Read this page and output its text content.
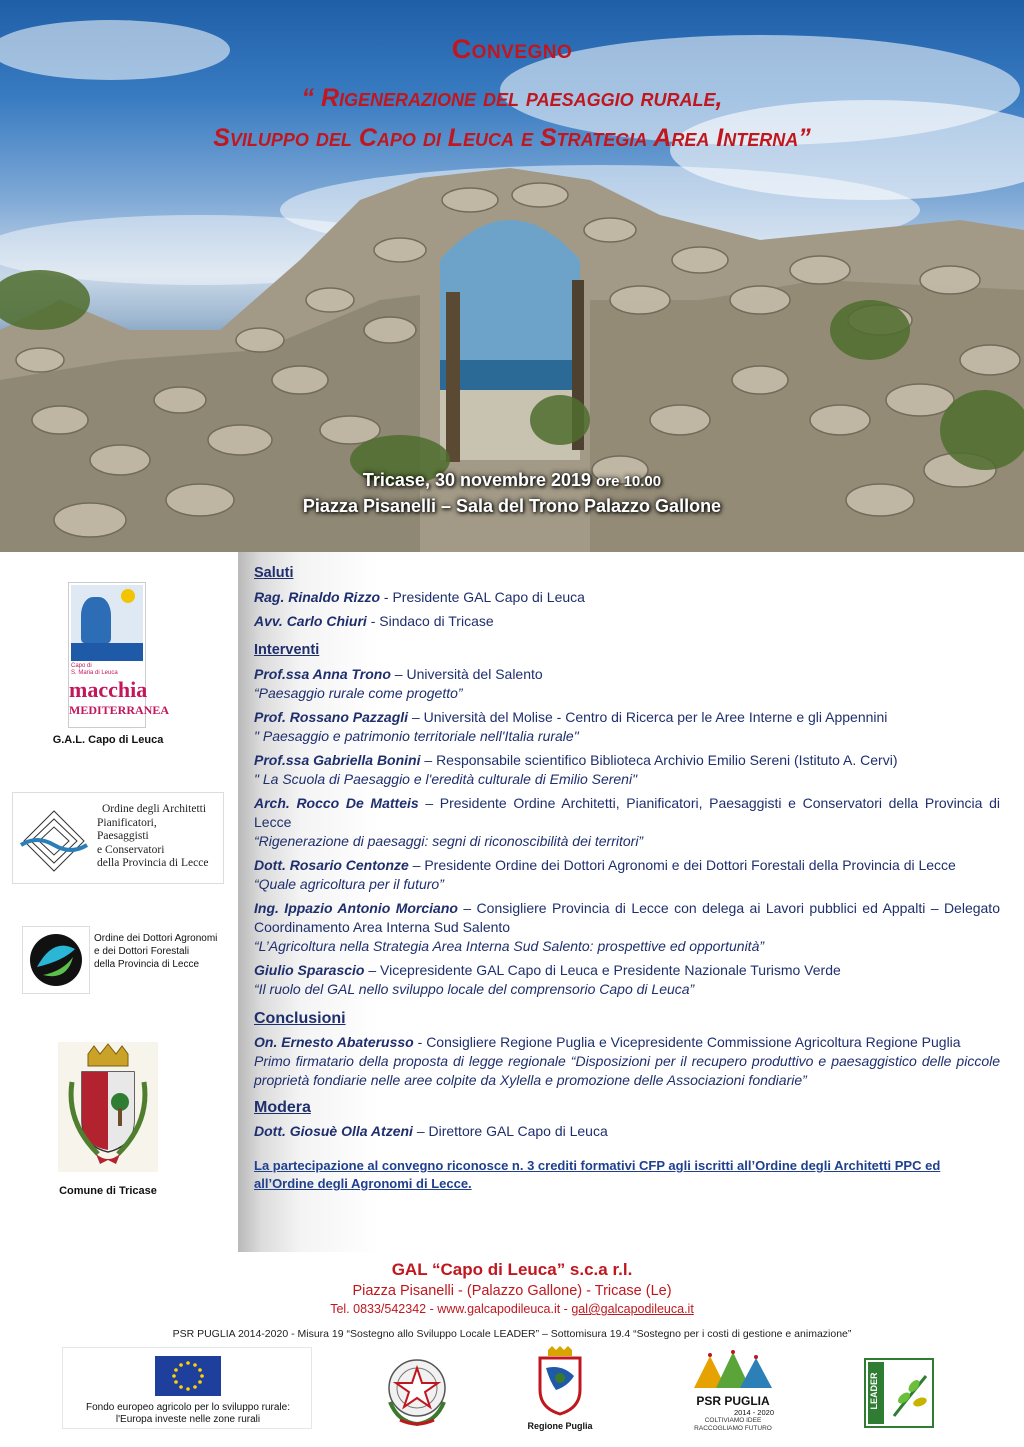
Convegno
“ Rigenerazione del paesaggio rurale,
Sviluppo del Capo di Leuca e Strategia Area Interna”
Tricase, 30 novembre 2019 ore 10.00
Piazza Pisanelli – Sala del Trono Palazzo Gallone
Capo di
S. Maria di Leuca
macchia
MEDITERRANEA
G.A.L. Capo di Leuca
Ordine degli Architetti
Pianificatori,
Paesaggisti
e Conservatori
della Provincia di Lecce
Ordine dei Dottori Agronomi
e dei Dottori Forestali
della Provincia di Lecce
Comune di Tricase
Saluti
Rag. Rinaldo Rizzo - Presidente GAL Capo di Leuca
Avv. Carlo Chiuri - Sindaco di Tricase
Interventi
Prof.ssa Anna Trono – Università del Salento
“Paesaggio rurale come progetto”
Prof. Rossano Pazzagli – Università del Molise - Centro di Ricerca per le Aree Interne e gli Appennini
" Paesaggio e patrimonio territoriale nell'Italia rurale"
Prof.ssa Gabriella Bonini – Responsabile scientifico Biblioteca Archivio Emilio Sereni (Istituto A. Cervi)
" La Scuola di Paesaggio e l'eredità culturale di Emilio Sereni"
Arch. Rocco De Matteis – Presidente Ordine Architetti, Pianificatori, Paesaggisti e Conservatori della Provincia di Lecce
“Rigenerazione di paesaggi: segni di riconoscibilità dei territori”
Dott. Rosario Centonze – Presidente Ordine dei Dottori Agronomi e dei Dottori Forestali della Provincia di Lecce
“Quale agricoltura per il futuro”
Ing. Ippazio Antonio Morciano – Consigliere Provincia di Lecce con delega ai Lavori pubblici ed Appalti – Delegato Coordinamento Area Interna Sud Salento
“L’Agricoltura nella Strategia Area Interna Sud Salento: prospettive ed opportunità”
Giulio Sparascio – Vicepresidente GAL Capo di Leuca e Presidente Nazionale Turismo Verde
“Il ruolo del GAL nello sviluppo locale del comprensorio Capo di Leuca”
Conclusioni
On. Ernesto Abaterusso - Consigliere Regione Puglia e Vicepresidente Commissione Agricoltura Regione Puglia
Primo firmatario della proposta di legge regionale “Disposizioni per il recupero produttivo e paesaggistico delle piccole proprietà fondiarie nelle aree colpite da Xylella e promozione delle Associazioni fondiarie”
Modera
Dott. Giosuè Olla Atzeni – Direttore GAL Capo di Leuca
La partecipazione al convegno riconosce n. 3 crediti formativi CFP agli iscritti all’Ordine degli Architetti PPC ed all’Ordine degli Agronomi di Lecce.
GAL “Capo di Leuca” s.c.a r.l.
Piazza Pisanelli - (Palazzo Gallone) - Tricase (Le)
Tel. 0833/542342 - www.galcapodileuca.it - gal@galcapodileuca.it
PSR PUGLIA 2014-2020 - Misura 19 “Sostegno allo Sviluppo Locale LEADER” – Sottomisura 19.4 “Sostegno per i costi di gestione e animazione”
Fondo europeo agricolo per lo sviluppo rurale:
l'Europa investe nelle zone rurali
Regione Puglia
PSR PUGLIA
2014 - 2020
COLTIVIAMO IDEE
RACCOGLIAMO FUTURO
LEADER
